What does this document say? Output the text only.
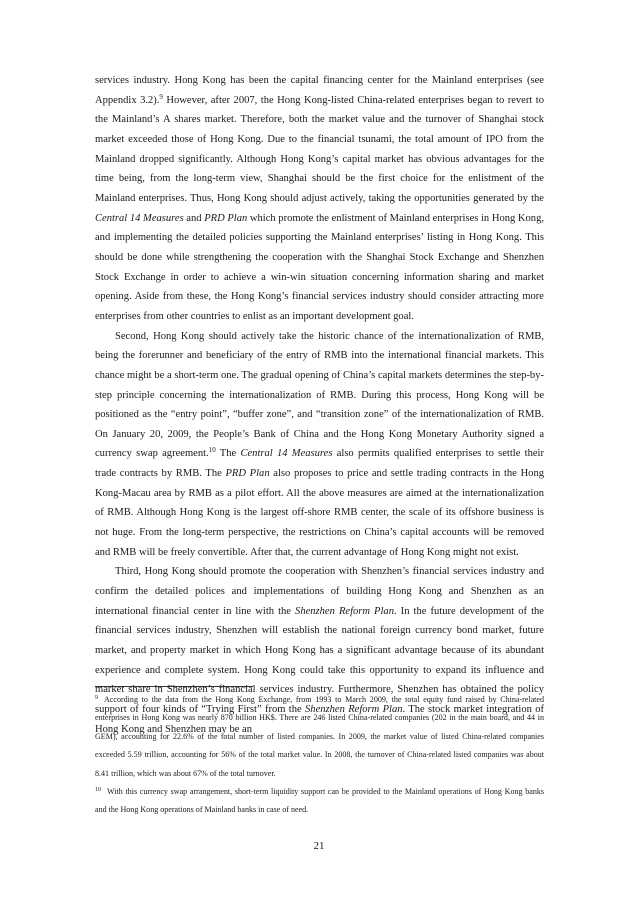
services industry. Hong Kong has been the capital financing center for the Mainland enterprises (see Appendix 3.2).$^9$ However, after 2007, the Hong Kong-listed China-related enterprises began to revert to the Mainland’s A shares market. Therefore, both the market value and the turnover of Shanghai stock market exceeded those of Hong Kong. Due to the financial tsunami, the total amount of IPO from the Mainland dropped significantly. Although Hong Kong’s capital market has obvious advantages for the time being, from the long-term view, Shanghai should be the first choice for the enlistment of the Mainland enterprises. Thus, Hong Kong should adjust actively, taking the opportunities generated by the Central 14 Measures and PRD Plan which promote the enlistment of Mainland enterprises in Hong Kong, and implementing the detailed policies supporting the Mainland enterprises’ listing in Hong Kong. This should be done while strengthening the cooperation with the Shanghai Stock Exchange and Shenzhen Stock Exchange in order to achieve a win-win situation concerning information sharing and market opening. Aside from these, the Hong Kong’s financial services industry should consider attracting more enterprises from other countries to enlist as an important development goal.

Second, Hong Kong should actively take the historic chance of the internationalization of RMB, being the forerunner and beneficiary of the entry of RMB into the international financial markets. This chance might be a short-term one. The gradual opening of China’s capital markets determines the step-by-step principle concerning the internationalization of RMB. During this process, Hong Kong will be positioned as the “entry point”, “buffer zone”, and “transition zone” of the internationalization of RMB. On January 20, 2009, the People’s Bank of China and the Hong Kong Monetary Authority signed a currency swap agreement.$^{10}$ The Central 14 Measures also permits qualified enterprises to settle their trade contracts by RMB. The PRD Plan also proposes to price and settle trading contracts in the Hong Kong-Macau area by RMB as a pilot effort. All the above measures are aimed at the internationalization of RMB. Although Hong Kong is the largest off-shore RMB center, the scale of its offshore business is not huge. From the long-term perspective, the restrictions on China’s capital accounts will be removed and RMB will be freely convertible. After that, the current advantage of Hong Kong might not exist.

Third, Hong Kong should promote the cooperation with Shenzhen’s financial services industry and confirm the detailed polices and implementations of building Hong Kong and Shenzhen as an international financial center in line with the Shenzhen Reform Plan. In the future development of the financial services industry, Shenzhen will establish the national foreign currency bond market, future market, and property market in which Hong Kong has a significant advantage because of its abundant experience and complete system. Hong Kong could take this opportunity to expand its influence and market share in Shenzhen’s financial services industry. Furthermore, Shenzhen has obtained the policy support of four kinds of “Trying First” from the Shenzhen Reform Plan. The stock market integration of Hong Kong and Shenzhen may be an

$^9$ According to the data from the Hong Kong Exchange, from 1993 to March 2009, the total equity fund raised by China-related enterprises in Hong Kong was nearly 870 billion HK$. There are 246 listed China-related companies (202 in the main board, and 44 in GEM), accounting for 22.6% of the total number of listed companies. In 2009, the market value of listed China-related companies exceeded 5.59 trillion, accounting for 56% of the total market value. In 2008, the turnover of China-related listed companies was about 8.41 trillion, which was about 67% of the total turnover.

$^{10}$ With this currency swap arrangement, short-term liquidity support can be provided to the Mainland operations of Hong Kong banks and the Hong Kong operations of Mainland banks in case of need.

21
